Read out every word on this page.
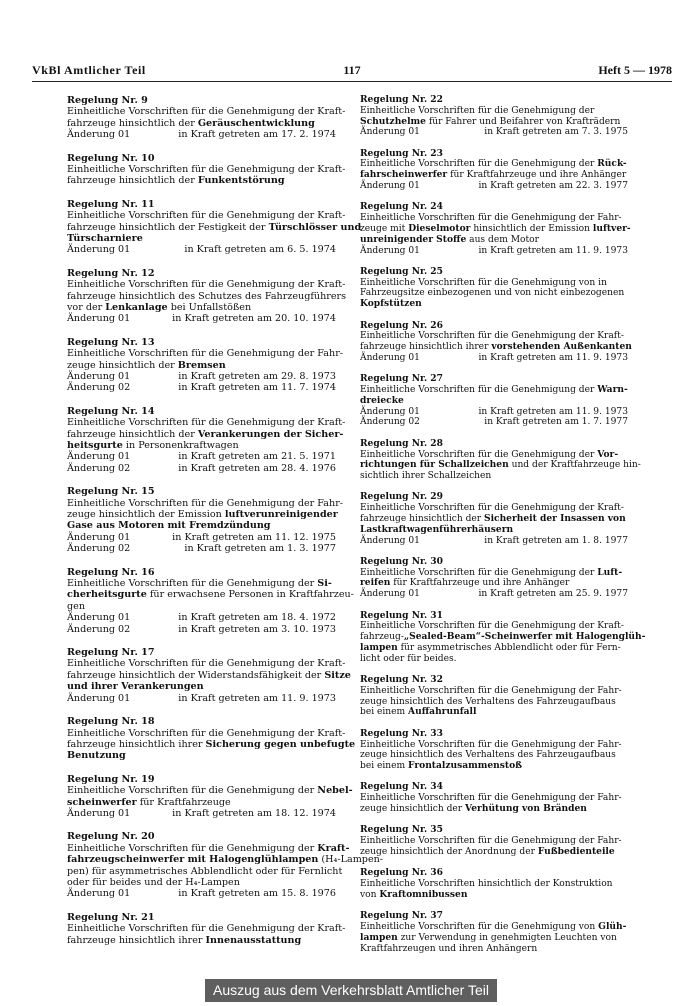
VkBl Amtlicher Teil	117	Heft 5 — 1978
Regelung Nr. 9
Einheitliche Vorschriften für die Genehmigung der Kraft-
fahrzeuge hinsichtlich der Geräuschentwicklung
Änderung 01	in Kraft getreten am 17. 2. 1974
Regelung Nr. 10
Einheitliche Vorschriften für die Genehmigung der Kraft-
fahrzeuge hinsichtlich der Funkentstörung
Regelung Nr. 11
Einheitliche Vorschriften für die Genehmigung der Kraft-
fahrzeuge hinsichtlich der Festigkeit der Türschlösser und
Türscharniere
Änderung 01	in Kraft getreten am 6. 5. 1974
Regelung Nr. 12
Einheitliche Vorschriften für die Genehmigung der Kraft-
fahrzeuge hinsichtlich des Schutzes des Fahrzeugführers
vor der Lenkanlage bei Unfallstößen
Änderung 01	in Kraft getreten am 20. 10. 1974
Regelung Nr. 13
Einheitliche Vorschriften für die Genehmigung der Fahr-
zeuge hinsichtlich der Bremsen
Änderung 01	in Kraft getreten am 29. 8. 1973
Änderung 02	in Kraft getreten am 11. 7. 1974
Regelung Nr. 14
Einheitliche Vorschriften für die Genehmigung der Kraft-
fahrzeuge hinsichtlich der Verankerungen der Sicher-
heitsgurte in Personenkraftwagen
Änderung 01	in Kraft getreten am 21. 5. 1971
Änderung 02	in Kraft getreten am 28. 4. 1976
Regelung Nr. 15
Einheitliche Vorschriften für die Genehmigung der Fahr-
zeuge hinsichtlich der Emission luftverunreinigender
Gase aus Motoren mit Fremdzündung
Änderung 01	in Kraft getreten am 11. 12. 1975
Änderung 02	in Kraft getreten am 1. 3. 1977
Regelung Nr. 16
Einheitliche Vorschriften für die Genehmigung der Si-
cherheitsgurte für erwachsene Personen in Kraftfahrzeu-
gen
Änderung 01	in Kraft getreten am 18. 4. 1972
Änderung 02	in Kraft getreten am 3. 10. 1973
Regelung Nr. 17
Einheitliche Vorschriften für die Genehmigung der Kraft-
fahrzeuge hinsichtlich der Widerstandsfähigkeit der Sitze
und ihrer Verankerungen
Änderung 01	in Kraft getreten am 11. 9. 1973
Regelung Nr. 18
Einheitliche Vorschriften für die Genehmigung der Kraft-
fahrzeuge hinsichtlich ihrer Sicherung gegen unbefugte
Benutzung
Regelung Nr. 19
Einheitliche Vorschriften für die Genehmigung der Nebel-
scheinwerfer für Kraftfahrzeuge
Änderung 01	in Kraft getreten am 18. 12. 1974
Regelung Nr. 20
Einheitliche Vorschriften für die Genehmigung der Kraft-
fahrzeugscheinwerfer mit Halogenglühlampen (H₄-Lampen-
pen) für asymmetrisches Abblendlicht oder für Fernlicht
oder für beides und der H₄-Lampen
Änderung 01	in Kraft getreten am 15. 8. 1976
Regelung Nr. 21
Einheitliche Vorschriften für die Genehmigung der Kraft-
fahrzeuge hinsichtlich ihrer Innenausstattung
Regelung Nr. 22
Einheitliche Vorschriften für die Genehmigung der
Schutzhelme für Fahrer und Beifahrer von Krafträdern
Änderung 01	in Kraft getreten am 7. 3. 1975
Regelung Nr. 23
Einheitliche Vorschriften für die Genehmigung der Rück-
fahrscheinwerfer für Kraftfahrzeuge und ihre Anhänger
Änderung 01	in Kraft getreten am 22. 3. 1977
Regelung Nr. 24
Einheitliche Vorschriften für die Genehmigung der Fahr-
zeuge mit Dieselmotor hinsichtlich der Emission luftver-
unreinigender Stoffe aus dem Motor
Änderung 01	in Kraft getreten am 11. 9. 1973
Regelung Nr. 25
Einheitliche Vorschriften für die Genehmigung von in
Fahrzeugsitze einbezogenen und von nicht einbezogenen
Kopfstützen
Regelung Nr. 26
Einheitliche Vorschriften für die Genehmigung der Kraft-
fahrzeuge hinsichtlich ihrer vorstehenden Außenkanten
Änderung 01	in Kraft getreten am 11. 9. 1973
Regelung Nr. 27
Einheitliche Vorschriften für die Genehmigung der Warn-
dreiecke
Änderung 01	in Kraft getreten am 11. 9. 1973
Änderung 02	in Kraft getreten am 1. 7. 1977
Regelung Nr. 28
Einheitliche Vorschriften für die Genehmigung der Vor-
richtungen für Schallzeichen und der Kraftfahrzeuge hin-
sichtlich ihrer Schallzeichen
Regelung Nr. 29
Einheitliche Vorschriften für die Genehmigung der Kraft-
fahrzeuge hinsichtlich der Sicherheit der Insassen von
Lastkraftwagenführerhäusern
Änderung 01	in Kraft getreten am 1. 8. 1977
Regelung Nr. 30
Einheitliche Vorschriften für die Genehmigung der Luft-
reifen für Kraftfahrzeuge und ihre Anhänger
Änderung 01	in Kraft getreten am 25. 9. 1977
Regelung Nr. 31
Einheitliche Vorschriften für die Genehmigung der Kraft-
fahrzeug-„Sealed-Beam“-Scheinwerfer mit Halogenglüh-
lampen für asymmetrisches Abblendlicht oder für Fern-
licht oder für beides.
Regelung Nr. 32
Einheitliche Vorschriften für die Genehmigung der Fahr-
zeuge hinsichtlich des Verhaltens des Fahrzeugaufbaus
bei einem Auffahrunfall
Regelung Nr. 33
Einheitliche Vorschriften für die Genehmigung der Fahr-
zeuge hinsichtlich des Verhaltens des Fahrzeugaufbaus
bei einem Frontalzusammenstoß
Regelung Nr. 34
Einheitliche Vorschriften für die Genehmigung der Fahr-
zeuge hinsichtlich der Verhütung von Bränden
Regelung Nr. 35
Einheitliche Vorschriften für die Genehmigung der Fahr-
zeuge hinsichtlich der Anordnung der Fußbedienteile
Regelung Nr. 36
Einheitliche Vorschriften hinsichtlich der Konstruktion
von Kraftomnibussen
Regelung Nr. 37
Einheitliche Vorschriften für die Genehmigung von Glüh-
lampen zur Verwendung in genehmigten Leuchten von
Kraftfahrzeugen und ihren Anhängern
Auszug aus dem Verkehrsblatt Amtlicher Teil
